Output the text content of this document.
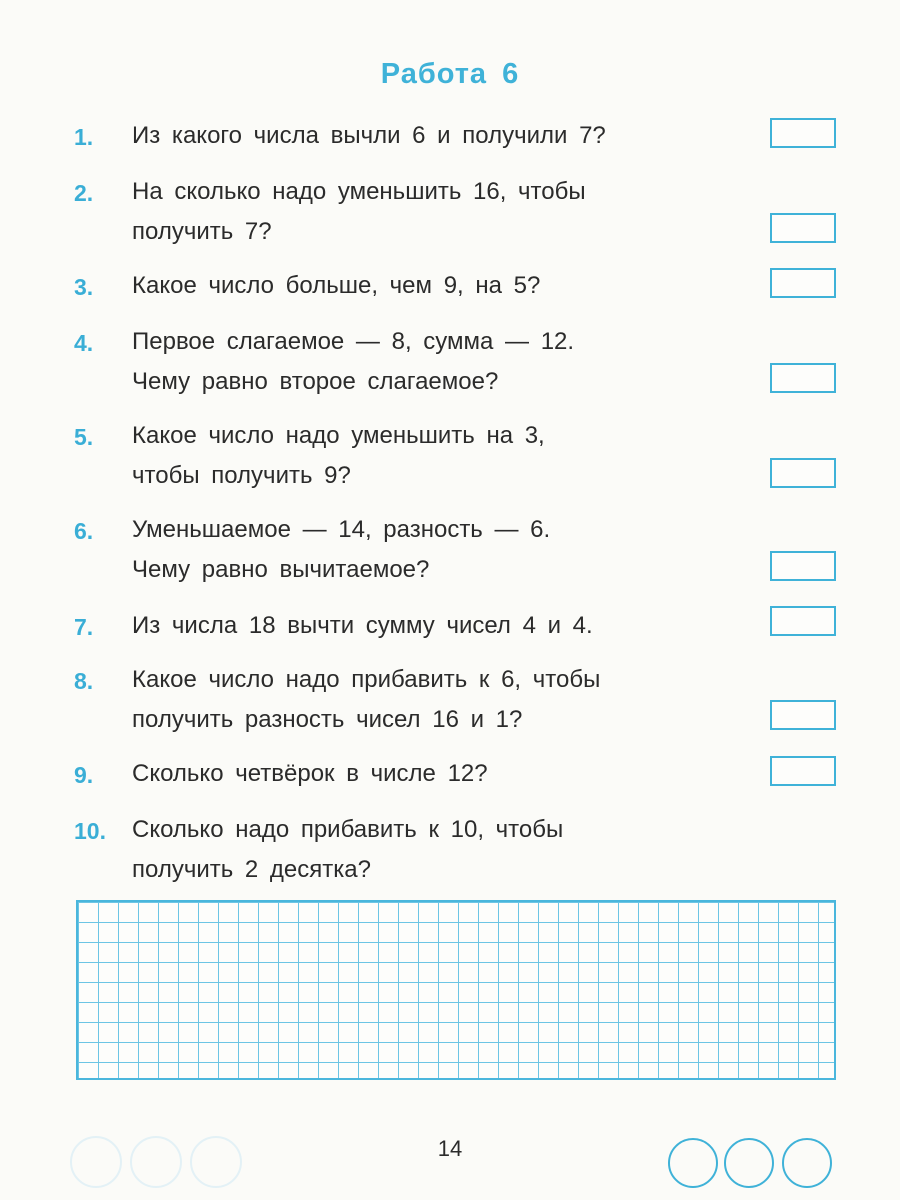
Работа 6
1. Из какого числа вычли 6 и получили 7?
2. На сколько надо уменьшить 16, чтобы
получить 7?
3. Какое число больше, чем 9, на 5?
4. Первое слагаемое — 8, сумма — 12.
Чему равно второе слагаемое?
5. Какое число надо уменьшить на 3,
чтобы получить 9?
6. Уменьшаемое — 14, разность — 6.
Чему равно вычитаемое?
7. Из числа 18 вычти сумму чисел 4 и 4.
8. Какое число надо прибавить к 6, чтобы
получить разность чисел 16 и 1?
9. Сколько четвёрок в числе 12?
10. Сколько надо прибавить к 10, чтобы
получить 2 десятка?
14
